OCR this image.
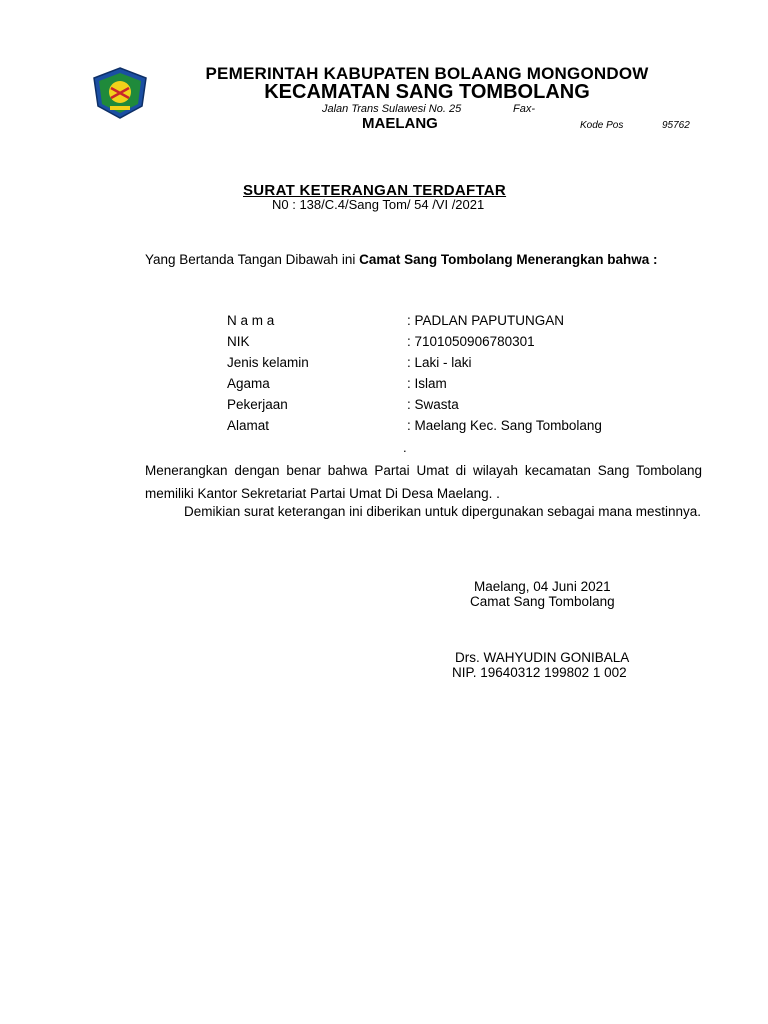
PEMERINTAH KABUPATEN BOLAANG MONGONDOW
KECAMATAN SANG TOMBOLANG
Jalan Trans Sulawesi No. 25	Fax-
MAELANG	Kode Pos	95762
SURAT KETERANGAN TERDAFTAR
N0 : 138/C.4/Sang Tom/ 54 /VI /2021
Yang Bertanda Tangan Dibawah ini Camat Sang Tombolang Menerangkan bahwa :
N a m a	: PADLAN PAPUTUNGAN
NIK	: 7101050906780301
Jenis kelamin	: Laki - laki
Agama	: Islam
Pekerjaan	: Swasta
Alamat	: Maelang Kec. Sang Tombolang
.
Menerangkan dengan benar bahwa Partai Umat di wilayah kecamatan Sang Tombolang memiliki Kantor Sekretariat Partai Umat Di Desa Maelang. .
Demikian surat keterangan ini diberikan untuk dipergunakan sebagai mana mestinnya.
Maelang, 04 Juni 2021
Camat Sang Tombolang
Drs. WAHYUDIN GONIBALA
NIP. 19640312 199802 1 002
